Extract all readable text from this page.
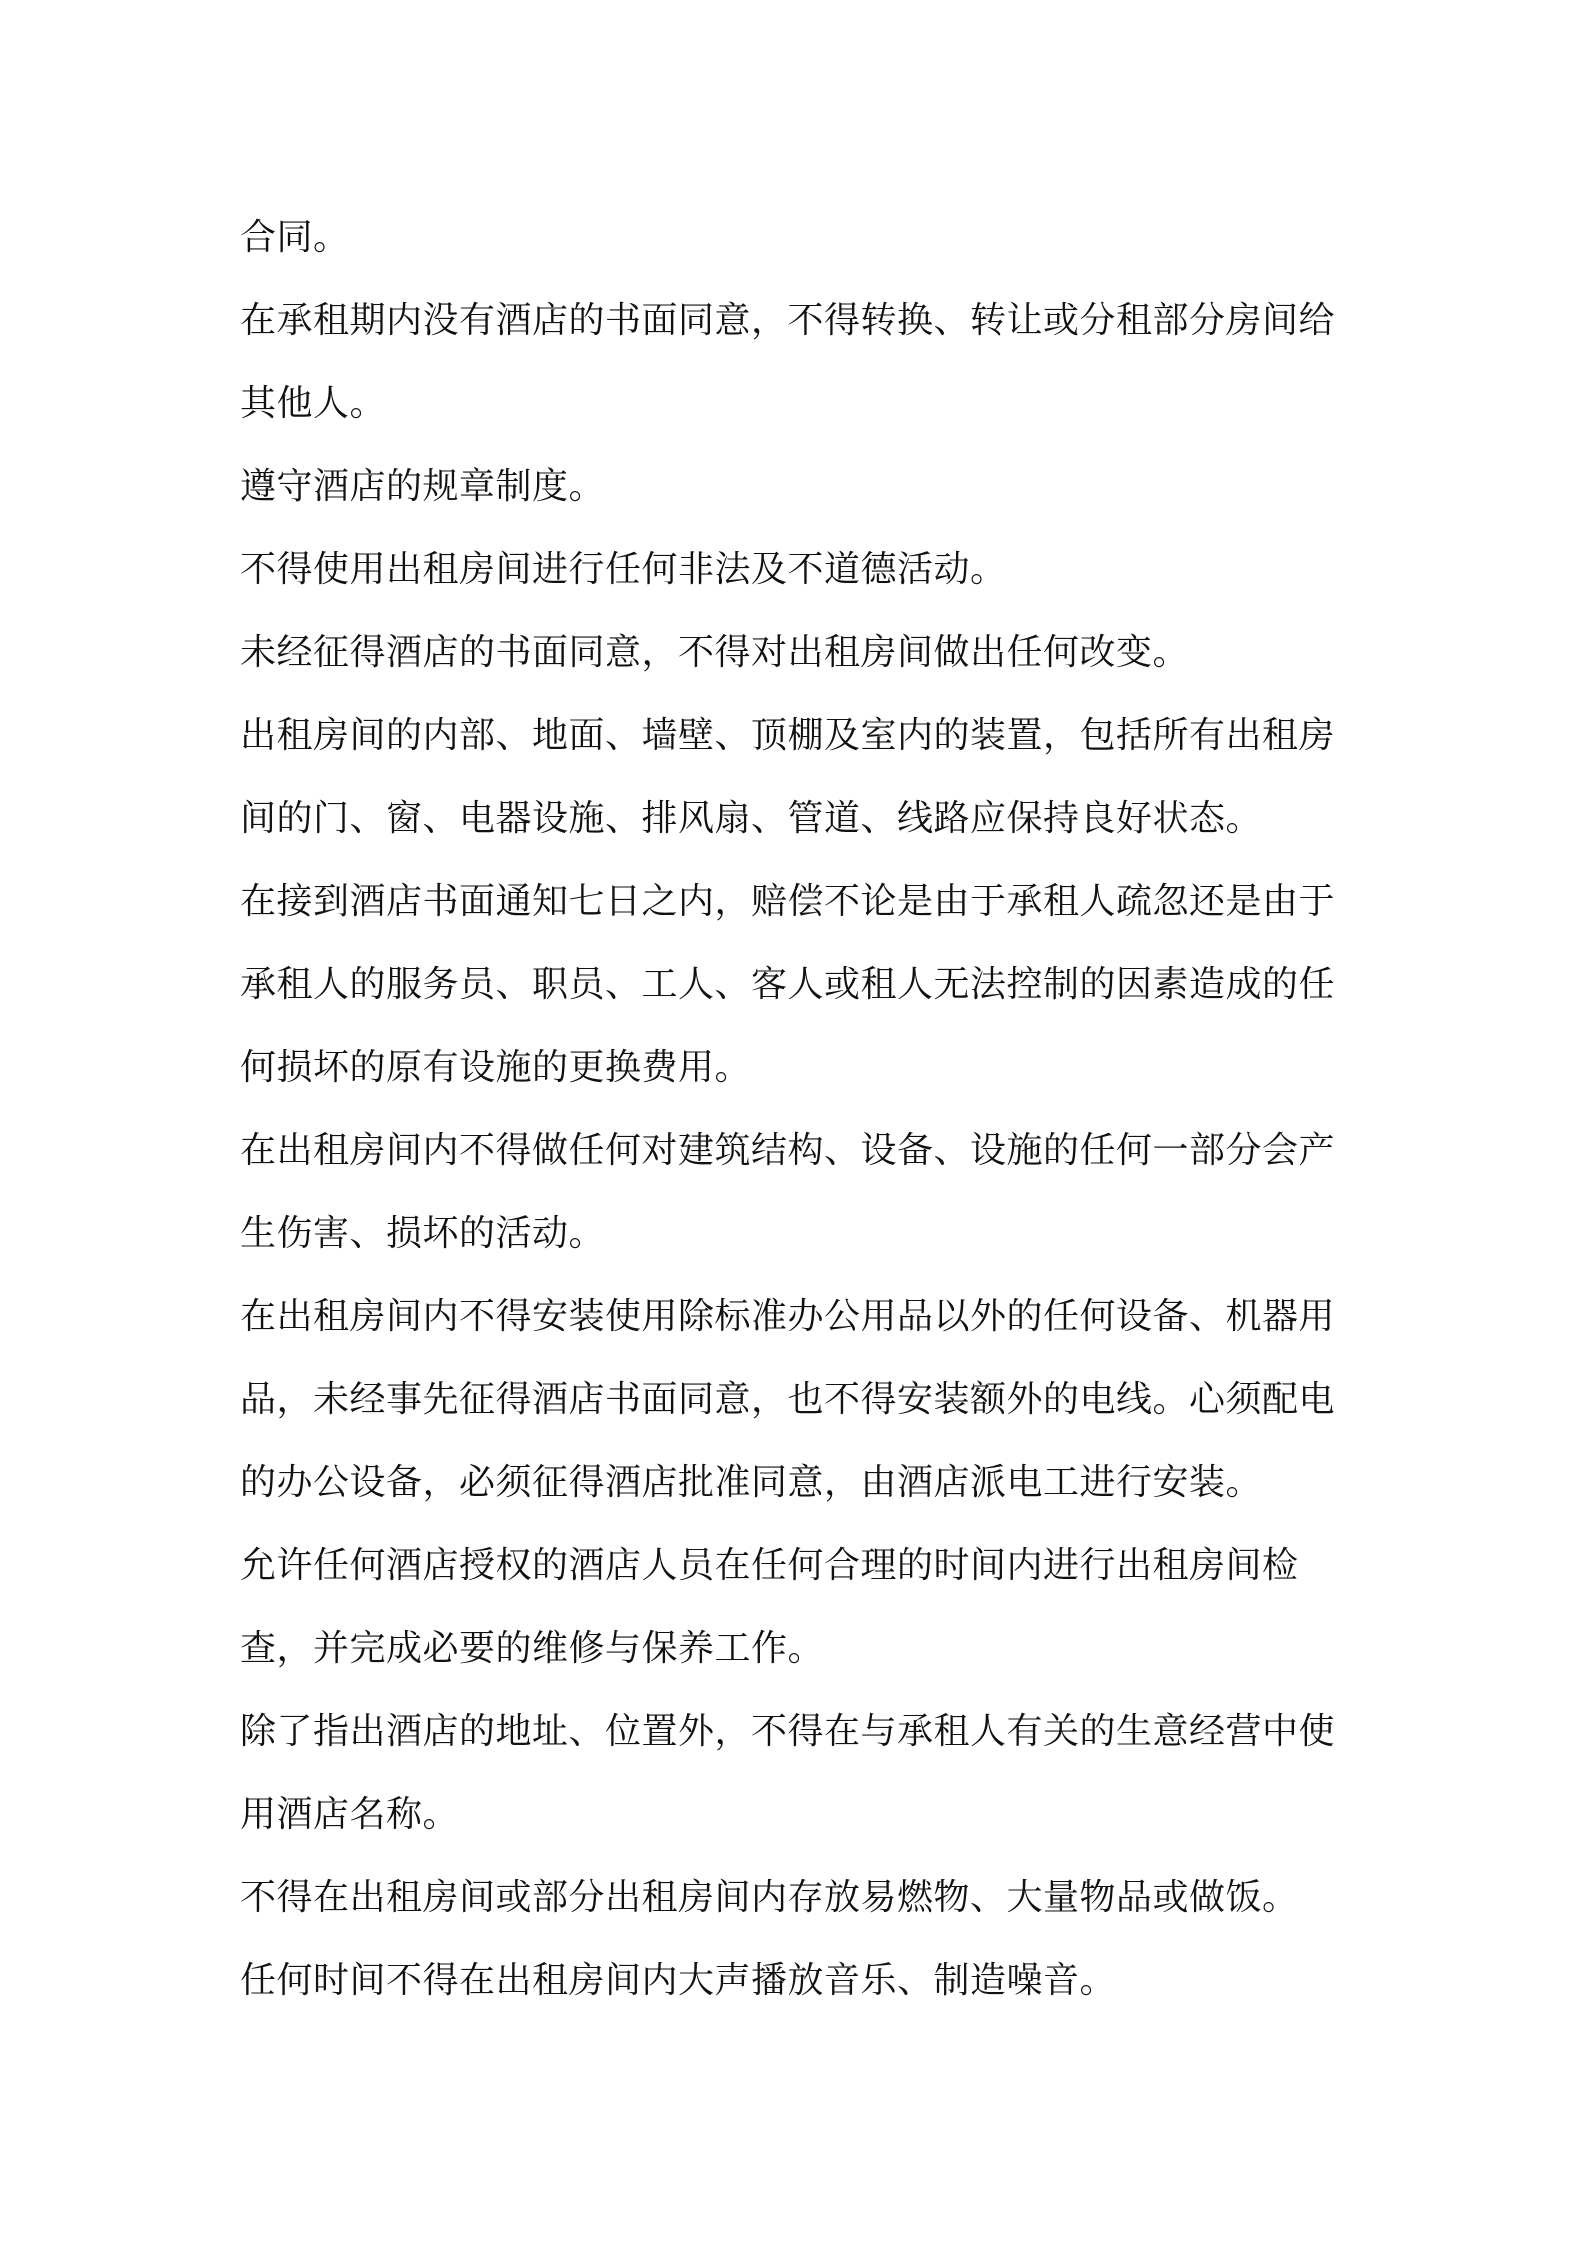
合同。

在承租期内没有酒店的书面同意，不得转换、转让或分租部分房间给其他人。

遵守酒店的规章制度。

不得使用出租房间进行任何非法及不道德活动。

未经征得酒店的书面同意，不得对出租房间做出任何改变。

出租房间的内部、地面、墙壁、顶棚及室内的装置，包括所有出租房间的门、窗、电器设施、排风扇、管道、线路应保持良好状态。

在接到酒店书面通知七日之内，赔偿不论是由于承租人疏忽还是由于承租人的服务员、职员、工人、客人或租人无法控制的因素造成的任何损坏的原有设施的更换费用。

在出租房间内不得做任何对建筑结构、设备、设施的任何一部分会产生伤害、损坏的活动。

在出租房间内不得安装使用除标准办公用品以外的任何设备、机器用品，未经事先征得酒店书面同意，也不得安装额外的电线。心须配电的办公设备，必须征得酒店批准同意，由酒店派电工进行安装。

允许任何酒店授权的酒店人员在任何合理的时间内进行出租房间检查，并完成必要的维修与保养工作。

除了指出酒店的地址、位置外，不得在与承租人有关的生意经营中使用酒店名称。

不得在出租房间或部分出租房间内存放易燃物、大量物品或做饭。

任何时间不得在出租房间内大声播放音乐、制造噪音。
